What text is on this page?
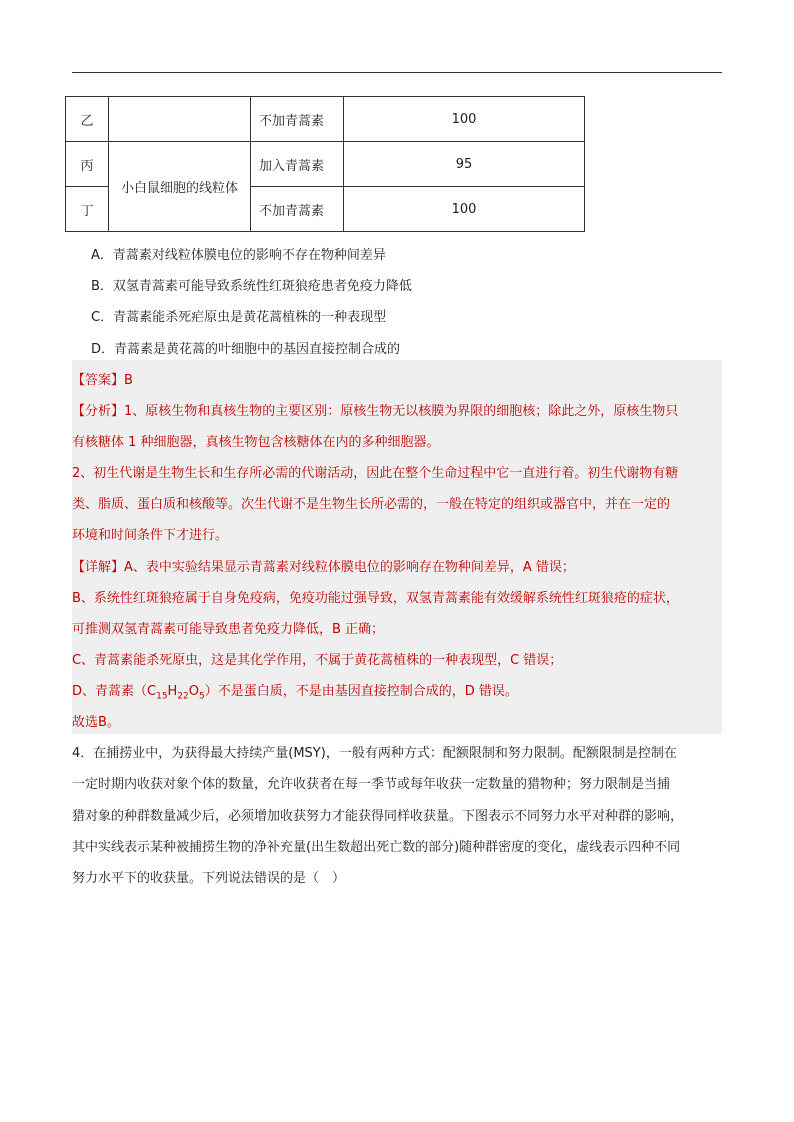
乙		不加青蒿素	100
丙	小白鼠细胞的线粒体	加入青蒿素	95
丁		不加青蒿素	100
A．青蒿素对线粒体膜电位的影响不存在物种间差异
B．双氢青蒿素可能导致系统性红斑狼疮患者免疫力降低
C．青蒿素能杀死疟原虫是黄花蒿植株的一种表现型
D．青蒿素是黄花蒿的叶细胞中的基因直接控制合成的
【答案】B
【分析】1、原核生物和真核生物的主要区别：原核生物无以核膜为界限的细胞核；除此之外，原核生物只
有核糖体 1 种细胞器，真核生物包含核糖体在内的多种细胞器。
2、初生代谢是生物生长和生存所必需的代谢活动，因此在整个生命过程中它一直进行着。初生代谢物有糖
类、脂质、蛋白质和核酸等。次生代谢不是生物生长所必需的，一般在特定的组织或器官中，并在一定的
环境和时间条件下才进行。
【详解】A、表中实验结果显示青蒿素对线粒体膜电位的影响存在物种间差异，A 错误；
B、系统性红斑狼疮属于自身免疫病，免疫功能过强导致，双氢青蒿素能有效缓解系统性红斑狼疮的症状，
可推测双氢青蒿素可能导致患者免疫力降低，B 正确；
C、青蒿素能杀死原虫，这是其化学作用，不属于黄花蒿植株的一种表现型，C 错误；
D、青蒿素$(C_{15}H_{22}O_5)$不是蛋白质，不是由基因直接控制合成的，D 错误。
故选B。
4．在捕捞业中，为获得最大持续产量(MSY)，一般有两种方式：配额限制和努力限制。配额限制是控制在
一定时期内收获对象个体的数量，允许收获者在每一季节或每年收获一定数量的猎物种；努力限制是当捕
猎对象的种群数量减少后，必须增加收获努力才能获得同样收获量。下图表示不同努力水平对种群的影响，
其中实线表示某种被捕捞生物的净补充量(出生数超出死亡数的部分)随种群密度的变化，虚线表示四种不同
努力水平下的收获量。下列说法错误的是（　）
